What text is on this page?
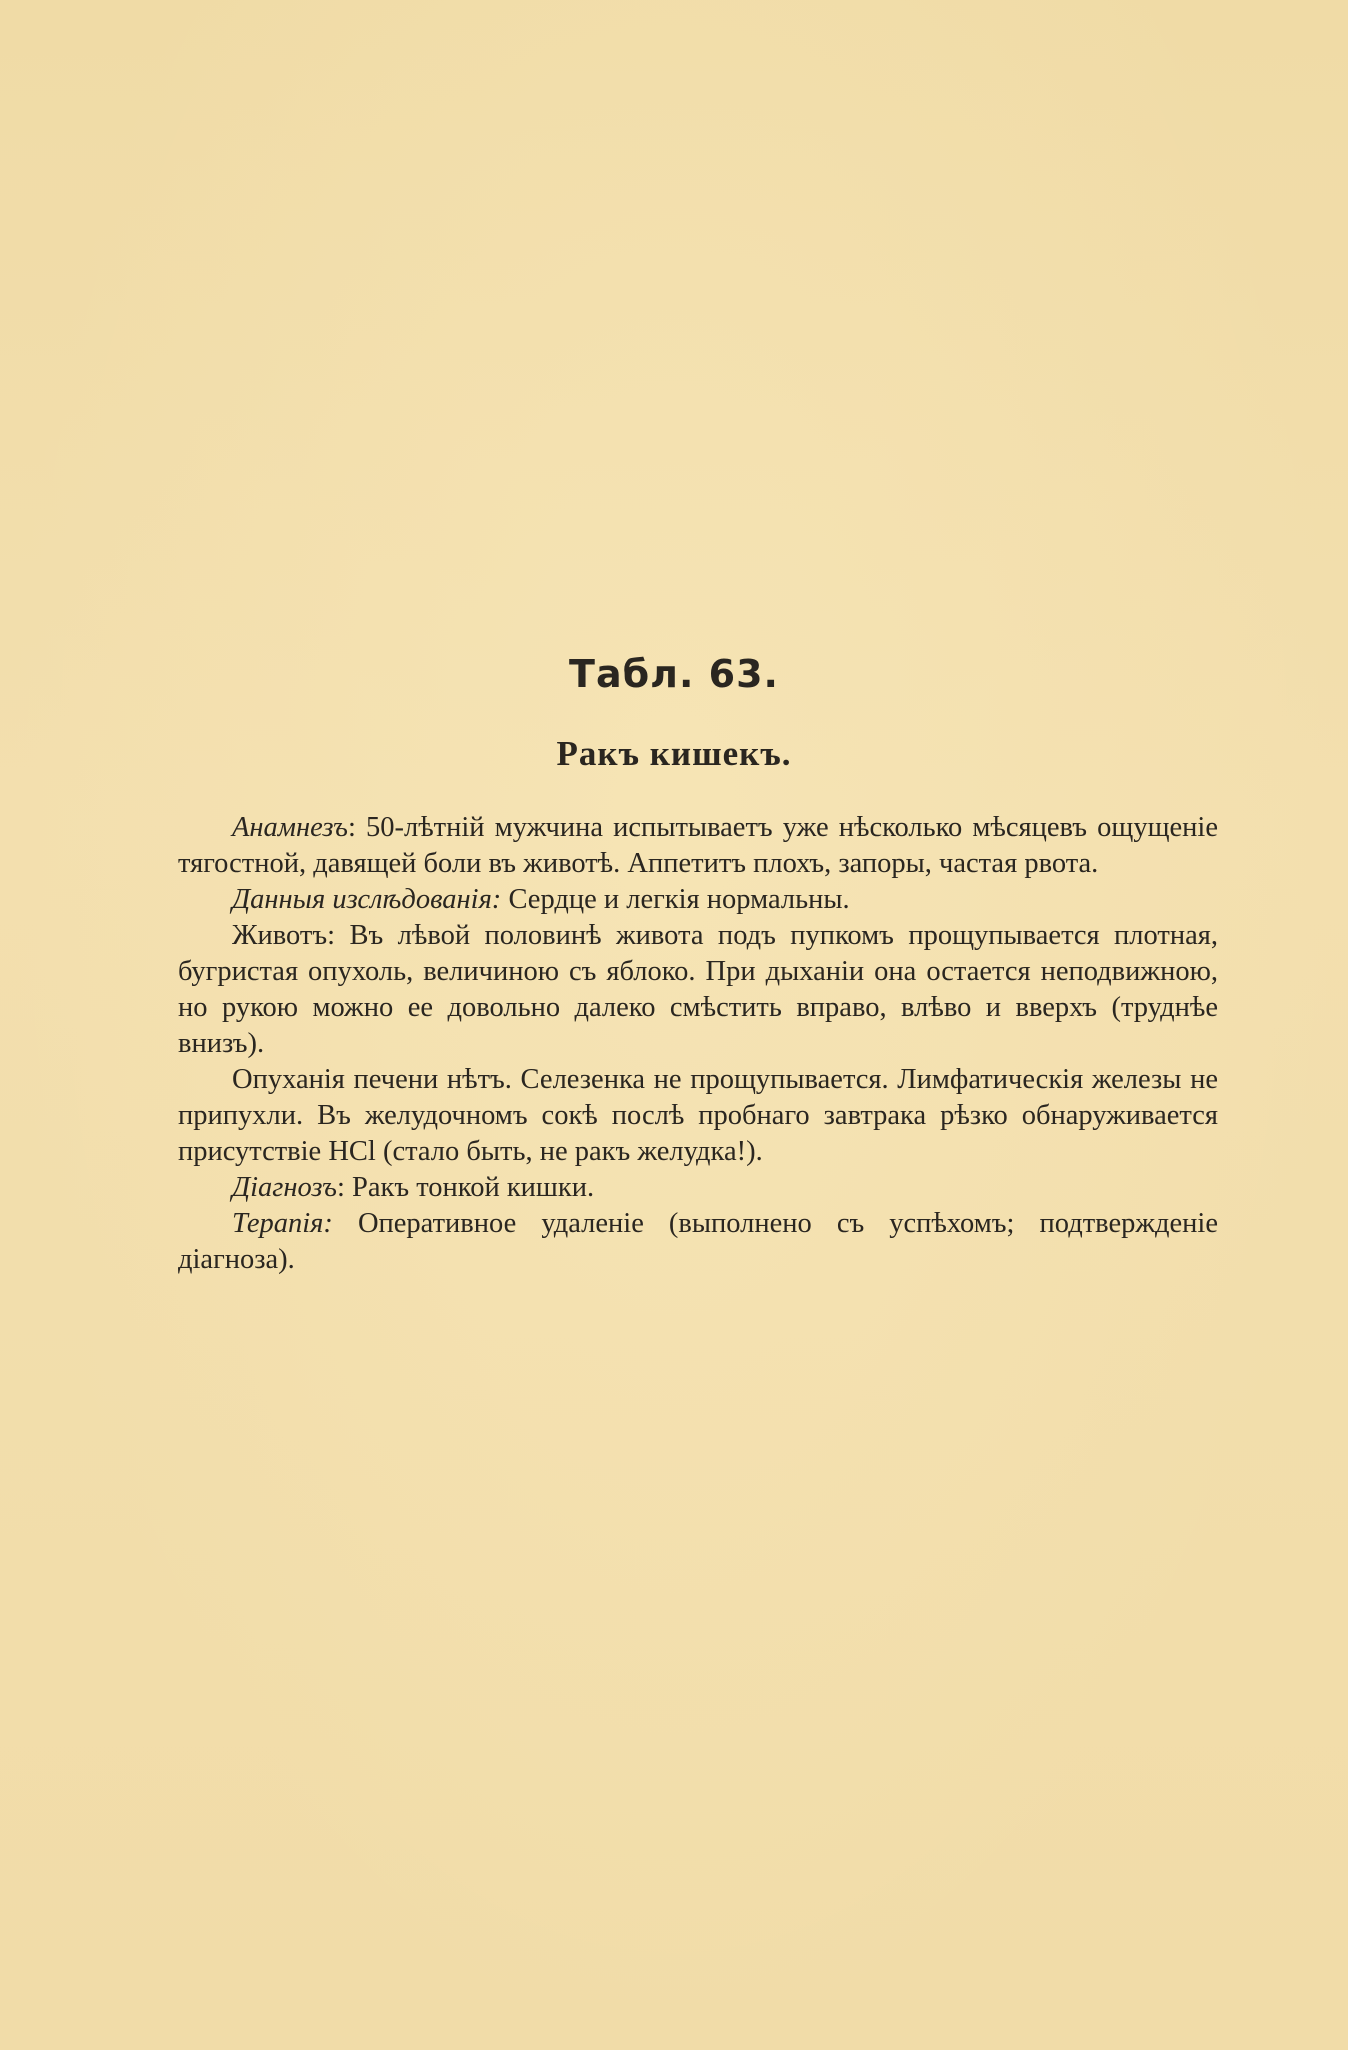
Табл. 63.
Ракъ кишекъ.

Анамнезъ: 50-лѣтній мужчина испытываетъ уже нѣсколько мѣсяцевъ ощущеніе тягостной, давящей боли въ животѣ. Аппетитъ плохъ, запоры, частая рвота.

Данныя изслѣдованія: Сердце и легкія нормальны.

Животъ: Въ лѣвой половинѣ живота подъ пупкомъ прощупывается плотная, бугристая опухоль, величиною съ яблоко. При дыханіи она остается неподвижною, но рукою можно ее довольно далеко смѣстить вправо, влѣво и вверхъ (труднѣе внизъ).

Опуханія печени нѣтъ. Селезенка не прощупывается. Лимфатическія железы не припухли. Въ желудочномъ сокѣ послѣ пробнаго завтрака рѣзко обнаруживается присутствіе HCl (стало быть, не ракъ желудка!).

Діагнозъ: Ракъ тонкой кишки.

Терапія: Оперативное удаленіе (выполнено съ успѣхомъ; подтвержденіе діагноза).
